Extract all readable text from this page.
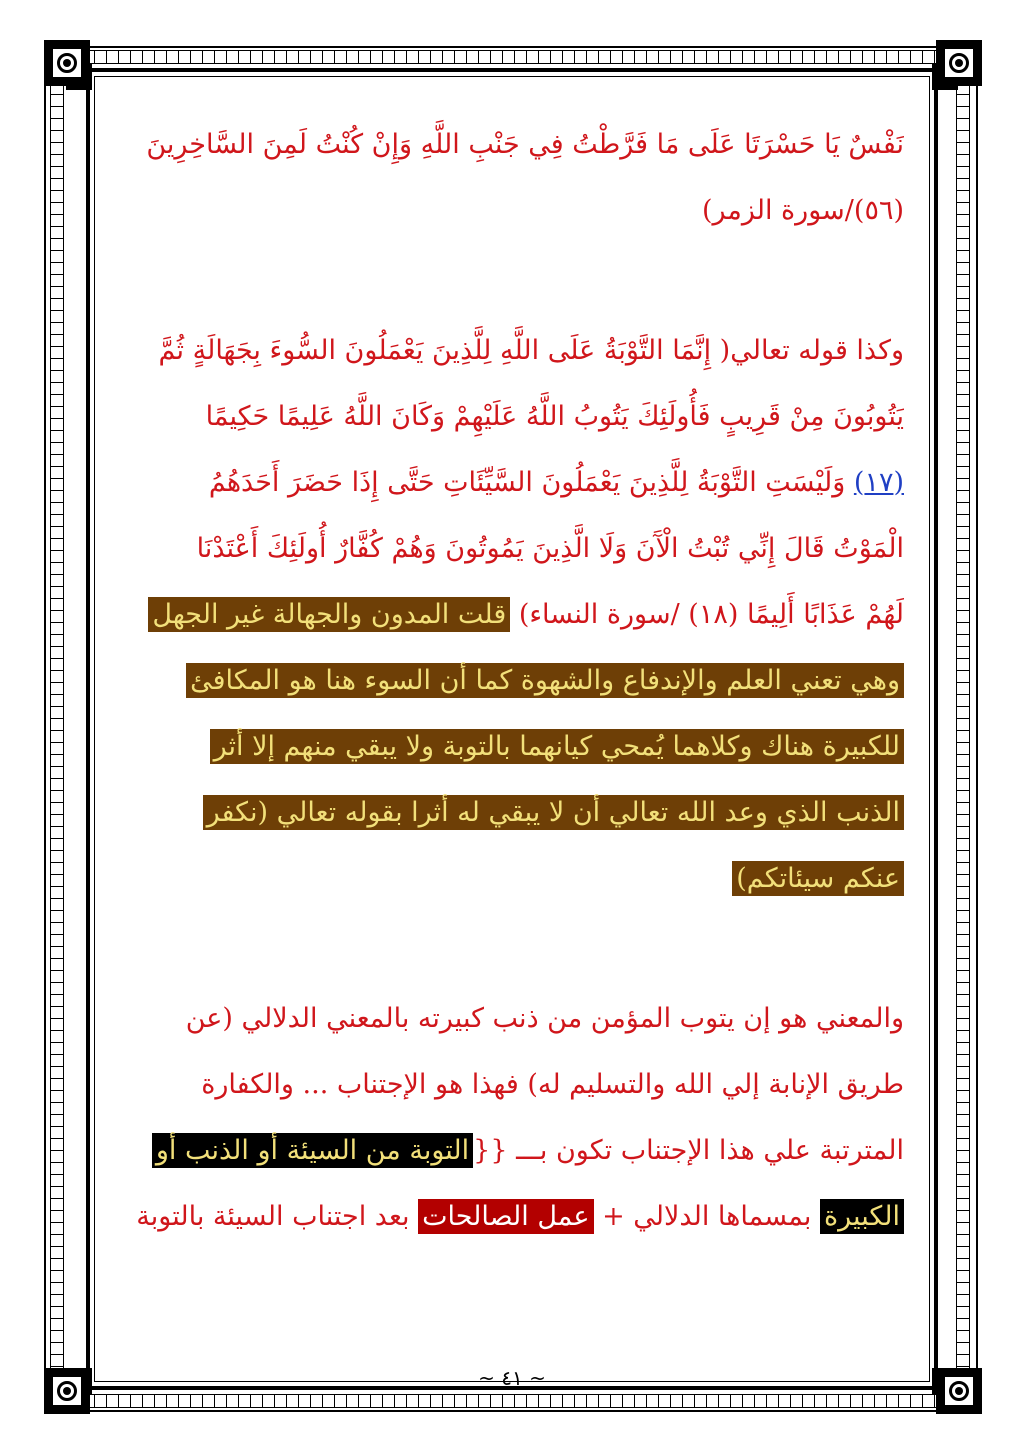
نَفْسٌ يَا حَسْرَتَا عَلَى مَا فَرَّطْتُ فِي جَنْبِ اللَّهِ وَإِنْ كُنْتُ لَمِنَ السَّاخِرِينَ
(٥٦)/سورة الزمر)
وكذا قوله تعالي( إِنَّمَا التَّوْبَةُ عَلَى اللَّهِ لِلَّذِينَ يَعْمَلُونَ السُّوءَ بِجَهَالَةٍ ثُمَّ
يَتُوبُونَ مِنْ قَرِيبٍ فَأُولَئِكَ يَتُوبُ اللَّهُ عَلَيْهِمْ وَكَانَ اللَّهُ عَلِيمًا حَكِيمًا
(١٧) وَلَيْسَتِ التَّوْبَةُ لِلَّذِينَ يَعْمَلُونَ السَّيِّئَاتِ حَتَّى إِذَا حَضَرَ أَحَدَهُمُ
الْمَوْتُ قَالَ إِنِّي تُبْتُ الْآَنَ وَلَا الَّذِينَ يَمُوتُونَ وَهُمْ كُفَّارٌ أُولَئِكَ أَعْتَدْنَا
لَهُمْ عَذَابًا أَلِيمًا (١٨) /سورة النساء) قلت المدون والجهالة غير الجهل
وهي تعني العلم والإندفاع والشهوة كما أن السوء هنا هو المكافئ
للكبيرة هناك وكلاهما يُمحي كيانهما بالتوبة ولا يبقي منهم إلا أثر
الذنب الذي وعد الله تعالي أن لا يبقي له أثرا بقوله تعالي (نكفر
عنكم سيئاتكم)
والمعني هو إن يتوب المؤمن من ذنب كبيرته بالمعني الدلالي (عن
طريق الإنابة إلي الله والتسليم له) فهذا هو الإجتناب ... والكفارة
المترتبة علي هذا الإجتناب تكون بـــ {{التوبة من السيئة أو الذنب أو
الكبيرة بمسماها الدلالي + عمل الصالحات بعد اجتناب السيئة بالتوبة
~ ٤١ ~
